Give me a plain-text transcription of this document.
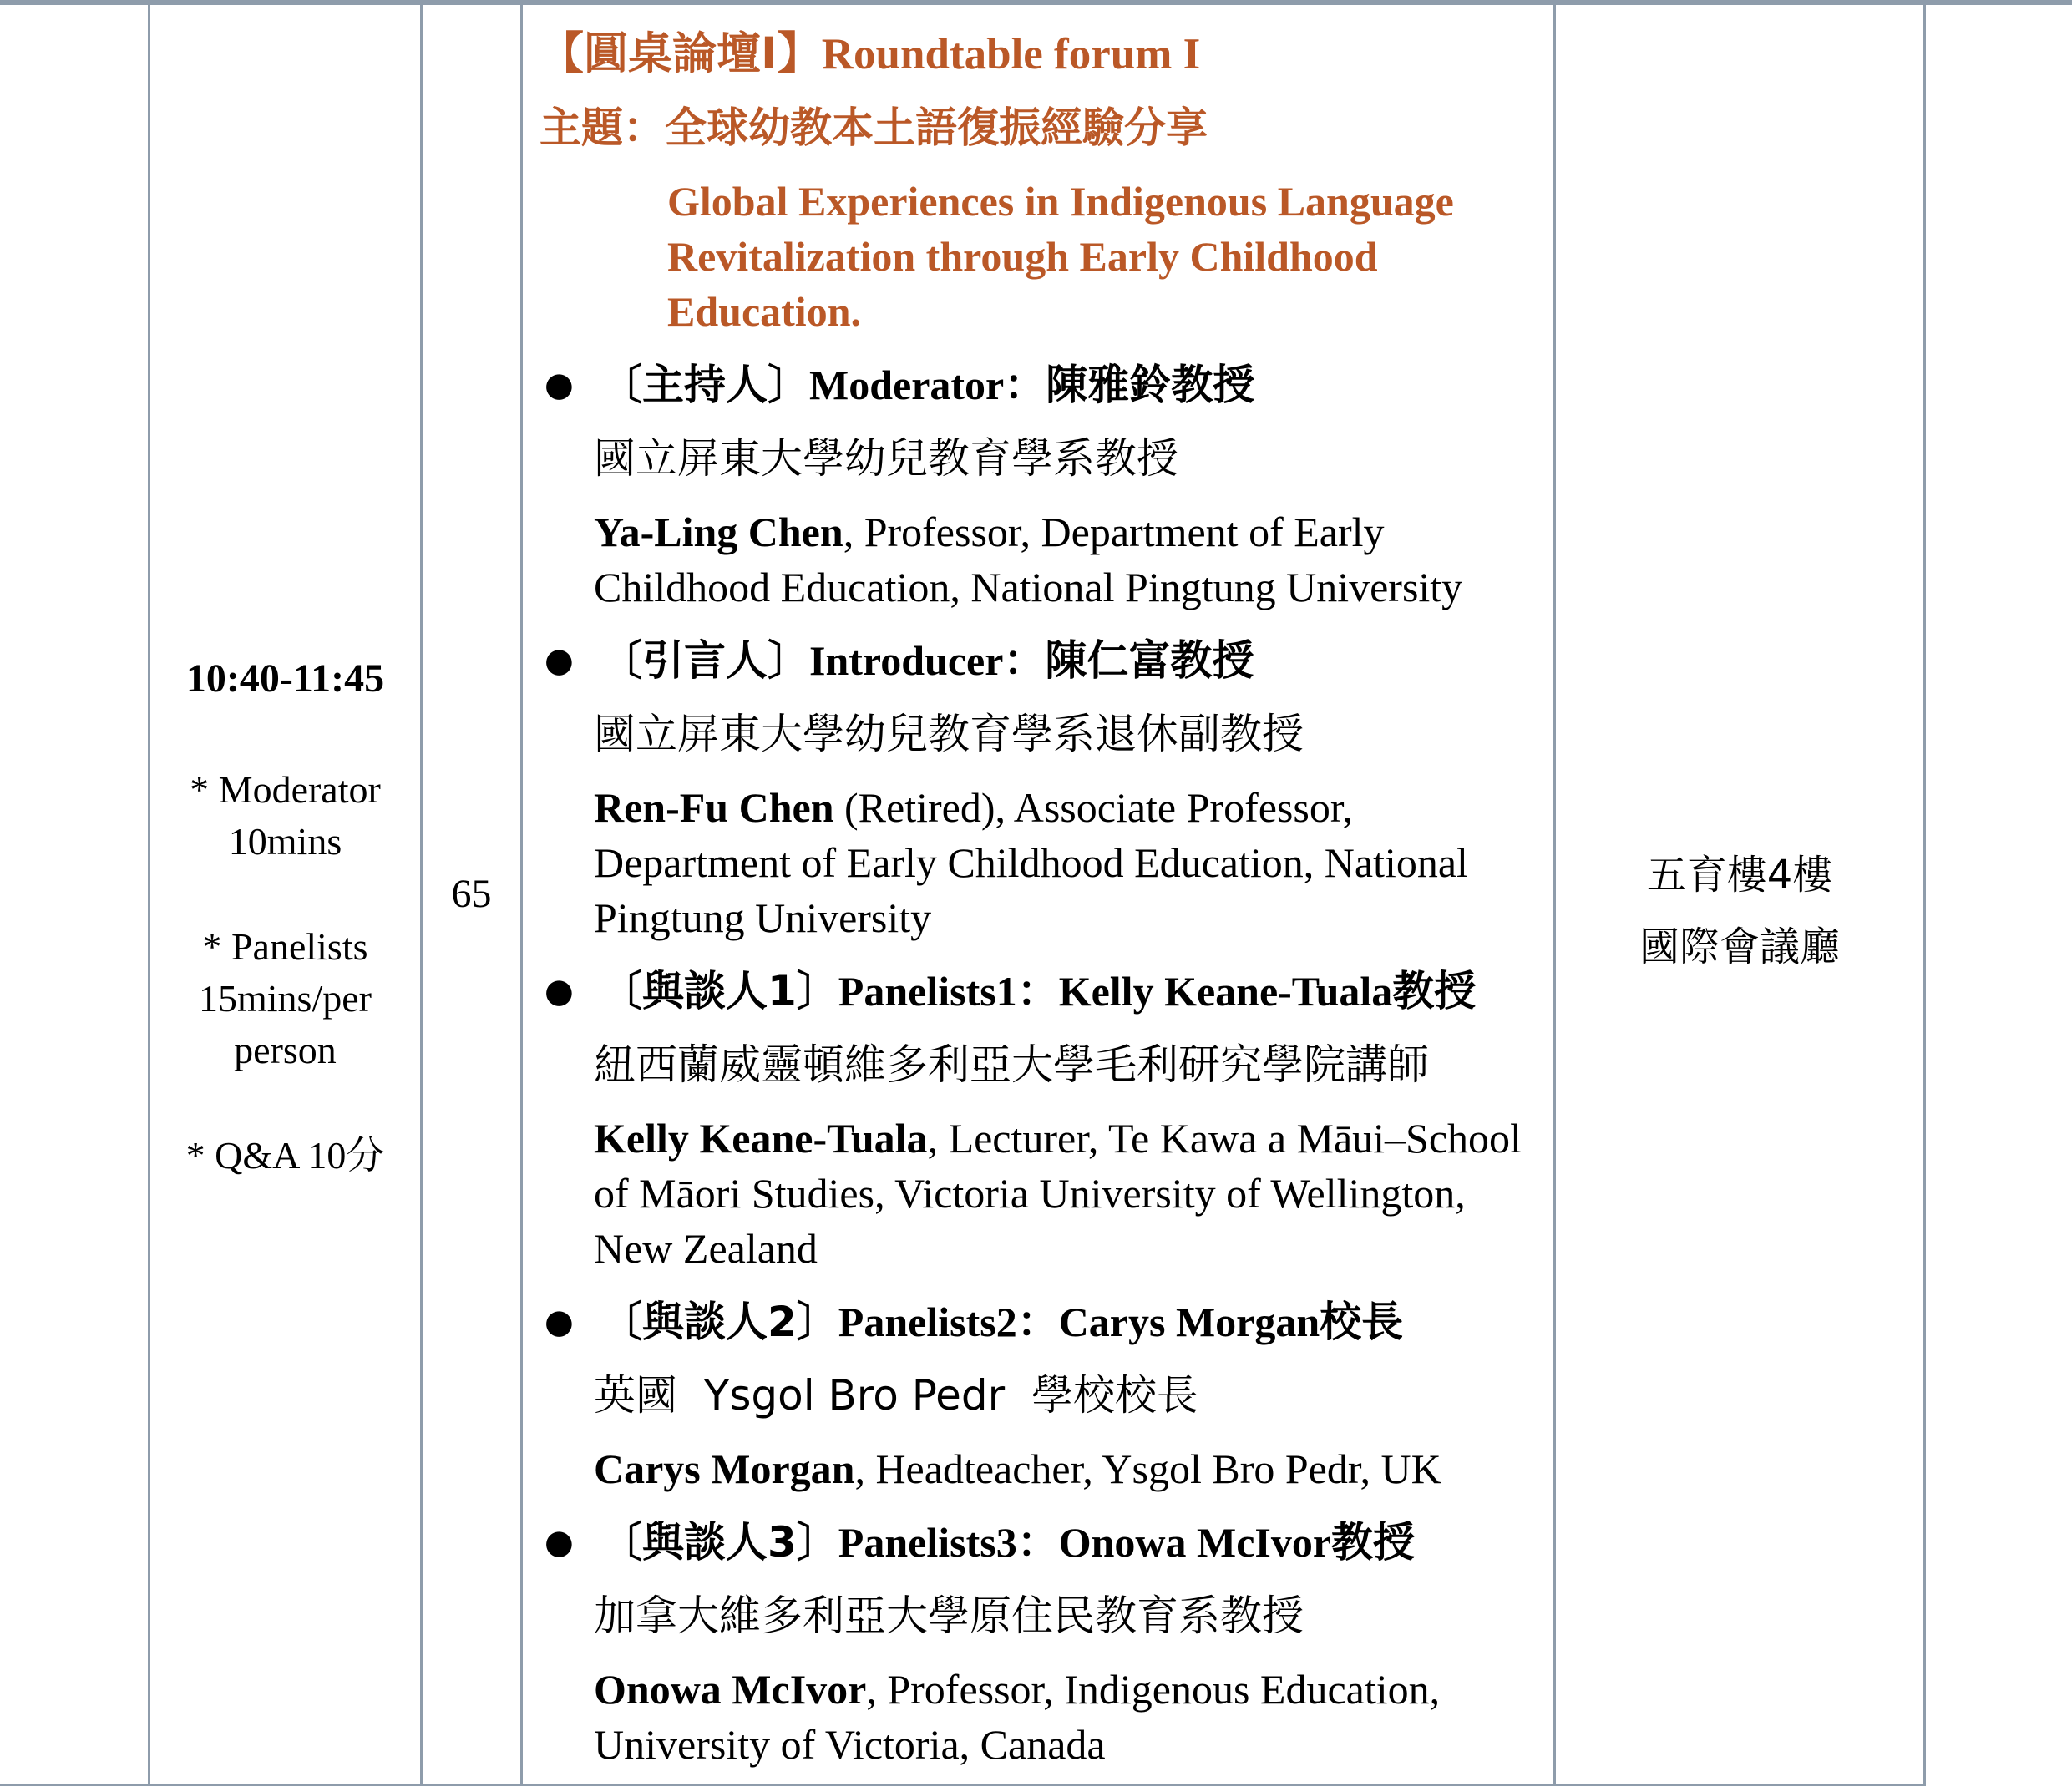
10:40-11:45
* Moderator
10mins
* Panelists
15mins/per
person
* Q&A 10分
65

【圓桌論壇I】Roundtable forum I

主題：全球幼教本土語復振經驗分享

Global Experiences in Indigenous Language Revitalization through Early Childhood Education.

● 〔主持人〕Moderator：陳雅鈴教授

國立屏東大學幼兒教育學系教授

Ya-Ling Chen, Professor, Department of Early Childhood Education, National Pingtung University

● 〔引言人〕Introducer：陳仁富教授

國立屏東大學幼兒教育學系退休副教授

Ren-Fu Chen (Retired), Associate Professor, Department of Early Childhood Education, National Pingtung University

● 〔與談人1〕Panelists1：Kelly Keane-Tuala教授

紐西蘭威靈頓維多利亞大學毛利研究學院講師

Kelly Keane-Tuala, Lecturer, Te Kawa a Māui–School of Māori Studies, Victoria University of Wellington, New Zealand

● 〔與談人2〕Panelists2：Carys Morgan校長

英國  Ysgol Bro Pedr  學校校長

Carys Morgan, Headteacher, Ysgol Bro Pedr, UK

● 〔與談人3〕Panelists3：Onowa McIvor教授

加拿大維多利亞大學原住民教育系教授

Onowa McIvor, Professor, Indigenous Education, University of Victoria, Canada

五育樓4樓
國際會議廳
